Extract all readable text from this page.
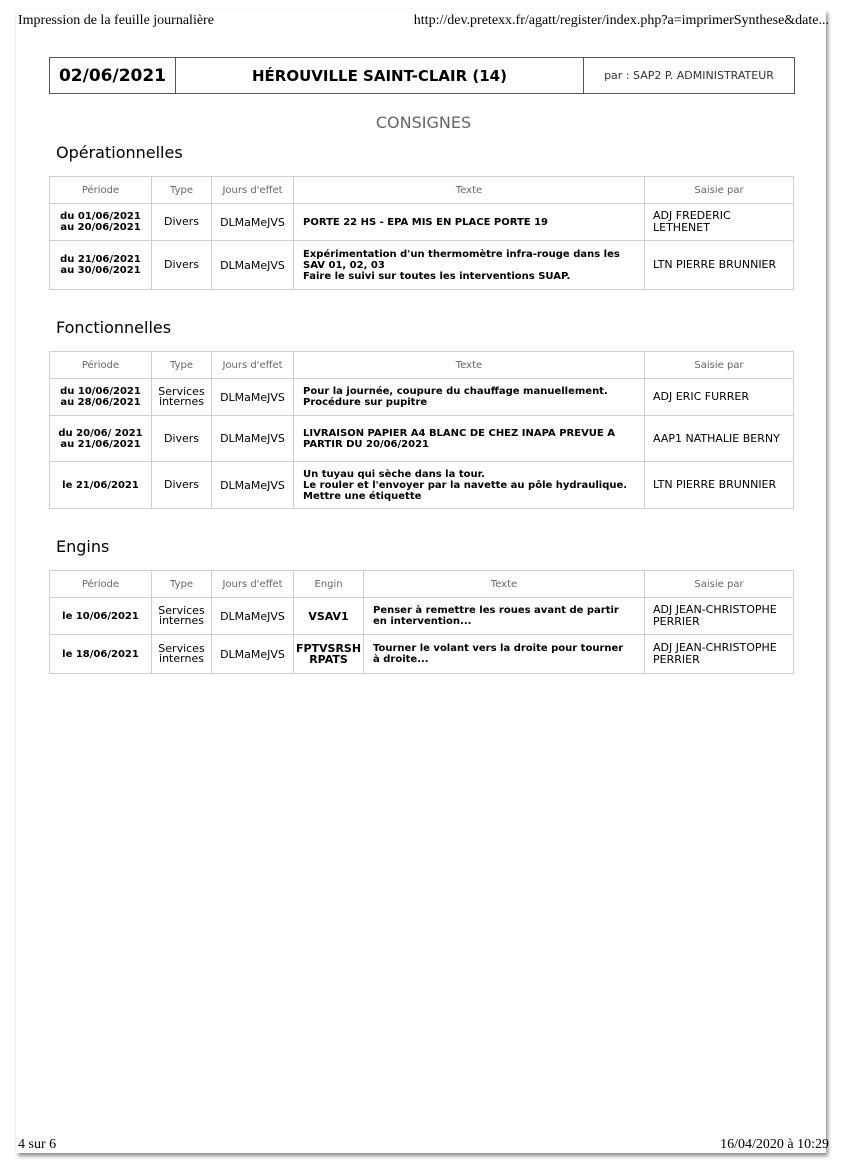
Impression de la feuille journalière	http://dev.pretexx.fr/agatt/register/index.php?a=imprimerSynthese&date...
02/06/2021	HÉROUVILLE SAINT-CLAIR (14)	par : SAP2 P. ADMINISTRATEUR
CONSIGNES
Opérationnelles
Période	Type	Jours d'effet	Texte	Saisie par

du 01/06/2021
au 20/06/2021	Divers	DLMaMeJVS	PORTE 22 HS - EPA MIS EN PLACE PORTE 19	ADJ FREDERIC
LETHENET

du 21/06/2021
au 30/06/2021	Divers	DLMaMeJVS	Expérimentation d'un thermomètre infra-rouge dans les
SAV 01, 02, 03
Faire le suivi sur toutes les interventions SUAP.	LTN PIERRE BRUNNIER
Fonctionnelles
Période	Type	Jours d'effet	Texte	Saisie par

du 10/06/2021
au 28/06/2021	Services
internes	DLMaMeJVS	Pour la journée, coupure du chauffage manuellement.
Procédure sur pupitre	ADJ ERIC FURRER

du 20/06/ 2021
au 21/06/2021	Divers	DLMaMeJVS	LIVRAISON PAPIER A4 BLANC DE CHEZ INAPA PREVUE A
PARTIR DU 20/06/2021	AAP1 NATHALIE BERNY

le 21/06/2021	Divers	DLMaMeJVS	Un tuyau qui sèche dans la tour.
Le rouler et l'envoyer par la navette au pôle hydraulique.
Mettre une étiquette	LTN PIERRE BRUNNIER
Engins
Période	Type	Jours d'effet	Engin	Texte	Saisie par

le 10/06/2021	Services
internes	DLMaMeJVS	VSAV1	Penser à remettre les roues avant de partir
en intervention...	ADJ JEAN-CHRISTOPHE
PERRIER

le 18/06/2021	Services
internes	DLMaMeJVS	FPTVSRSH
RPATS	Tourner le volant vers la droite pour tourner
à droite...	ADJ JEAN-CHRISTOPHE
PERRIER
4 sur 6	16/04/2020 à 10:29
